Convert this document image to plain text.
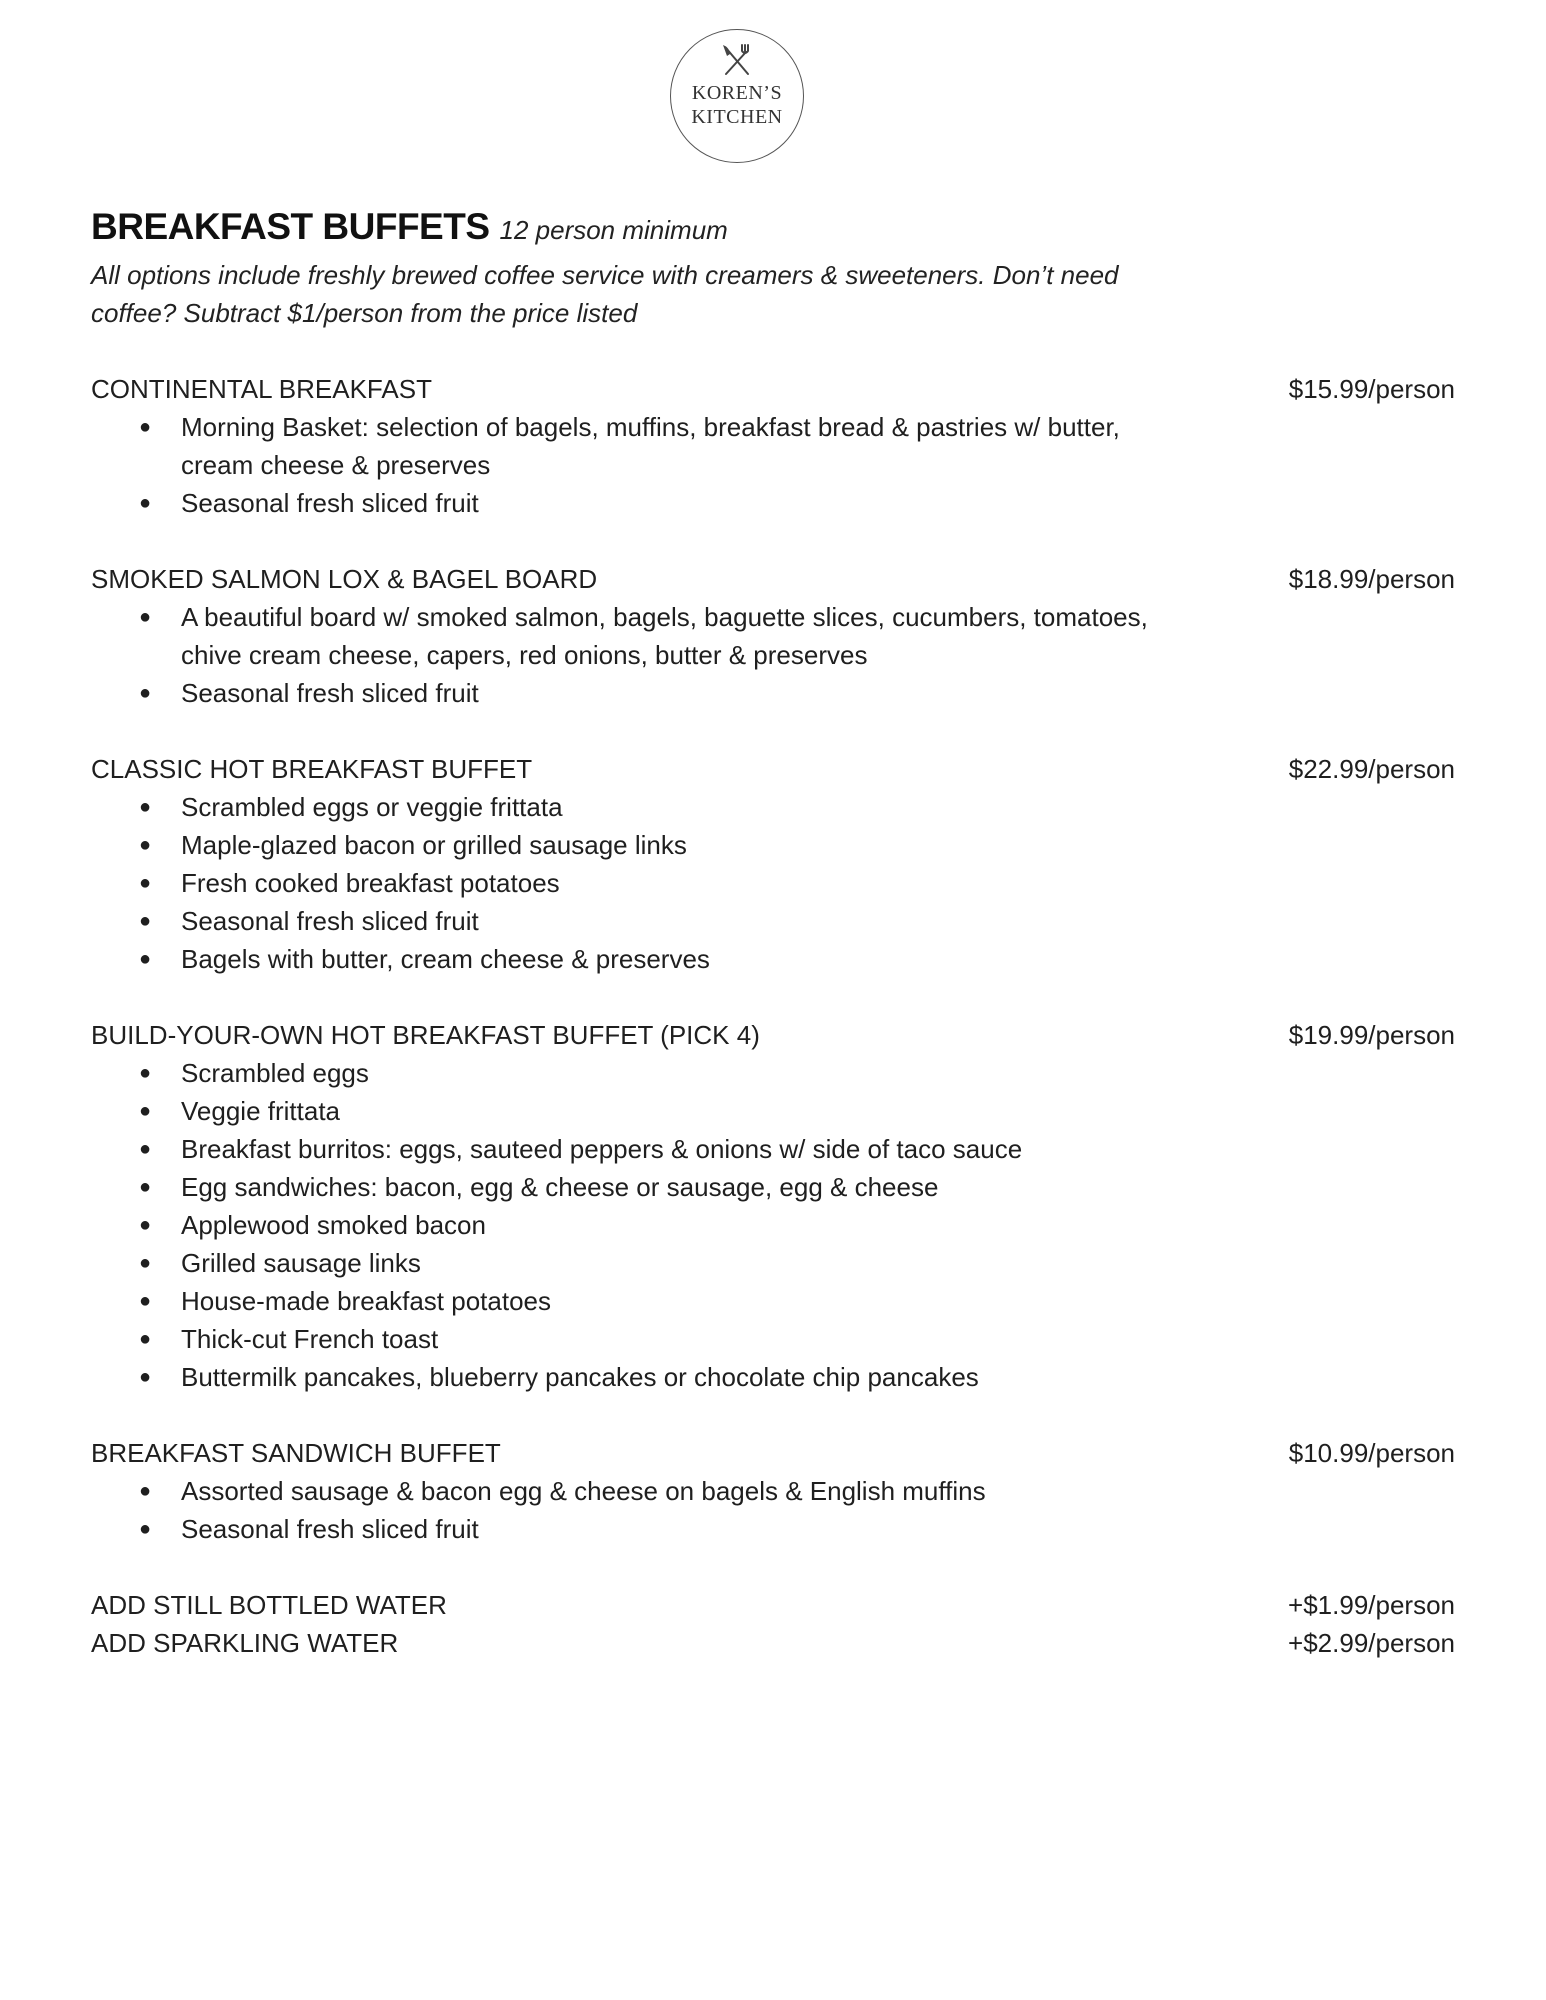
KOREN’S
KITCHEN
BREAKFAST BUFFETS 12 person minimum
All options include freshly brewed coffee service with creamers & sweeteners. Don’t need coffee? Subtract $1/person from the price listed
CONTINENTAL BREAKFAST	$15.99/person
● Morning Basket: selection of bagels, muffins, breakfast bread & pastries w/ butter, cream cheese & preserves
● Seasonal fresh sliced fruit
SMOKED SALMON LOX & BAGEL BOARD	$18.99/person
● A beautiful board w/ smoked salmon, bagels, baguette slices, cucumbers, tomatoes, chive cream cheese, capers, red onions, butter & preserves
● Seasonal fresh sliced fruit
CLASSIC HOT BREAKFAST BUFFET	$22.99/person
● Scrambled eggs or veggie frittata
● Maple-glazed bacon or grilled sausage links
● Fresh cooked breakfast potatoes
● Seasonal fresh sliced fruit
● Bagels with butter, cream cheese & preserves
BUILD-YOUR-OWN HOT BREAKFAST BUFFET (PICK 4)	$19.99/person
● Scrambled eggs
● Veggie frittata
● Breakfast burritos: eggs, sauteed peppers & onions w/ side of taco sauce
● Egg sandwiches: bacon, egg & cheese or sausage, egg & cheese
● Applewood smoked bacon
● Grilled sausage links
● House-made breakfast potatoes
● Thick-cut French toast
● Buttermilk pancakes, blueberry pancakes or chocolate chip pancakes
BREAKFAST SANDWICH BUFFET	$10.99/person
● Assorted sausage & bacon egg & cheese on bagels & English muffins
● Seasonal fresh sliced fruit
ADD STILL BOTTLED WATER	+$1.99/person
ADD SPARKLING WATER	+$2.99/person
